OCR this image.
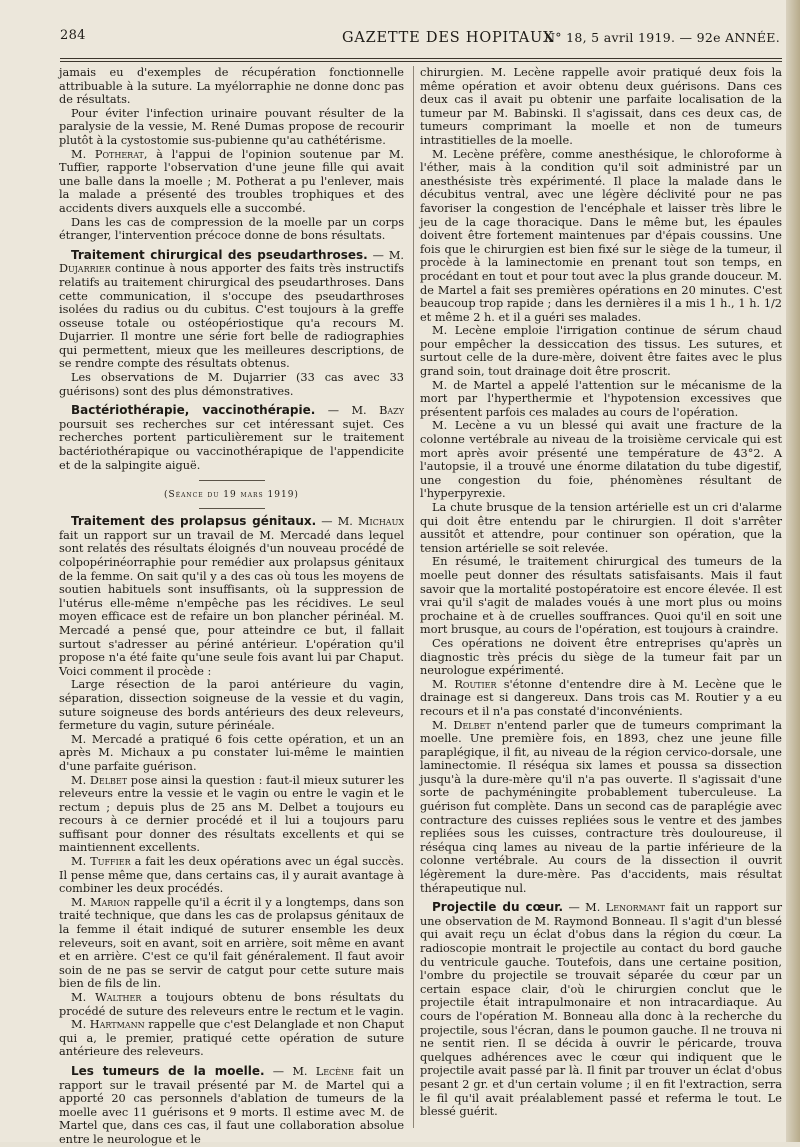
284	GAZETTE DES HOPITAUX
N° 18, 5 avril 1919. — 92e ANNÉE.

jamais eu d'exemples de récupération fonctionnelle attribuable à la suture. La myélorraphie ne donne donc pas de résultats.

Pour éviter l'infection urinaire pouvant résulter de la paralysie de la vessie, M. René Dumas propose de recourir plutôt à la cystostomie sus-pubienne qu'au cathétérisme.

M. Potherat, à l'appui de l'opinion soutenue par M. Tuffier, rapporte l'observation d'une jeune fille qui avait une balle dans la moelle ; M. Potherat a pu l'enlever, mais la malade a présenté des troubles trophiques et des accidents divers auxquels elle a succombé.

Dans les cas de compression de la moelle par un corps étranger, l'intervention précoce donne de bons résultats.

Traitement chirurgical des pseudarthroses. — M. Dujarrier continue à nous apporter des faits très instructifs relatifs au traitement chirurgical des pseudarthroses. Dans cette communication, il s'occupe des pseudarthroses isolées du radius ou du cubitus. C'est toujours à la greffe osseuse totale ou ostéopériostique qu'a recours M. Dujarrier. Il montre une série fort belle de radiographies qui permettent, mieux que les meilleures descriptions, de se rendre compte des résultats obtenus.

Les observations de M. Dujarrier (33 cas avec 33 guérisons) sont des plus démonstratives.

Bactériothérapie, vaccinothérapie. — M. Bazy poursuit ses recherches sur cet intéressant sujet. Ces recherches portent particulièrement sur le traitement bactériothérapique ou vaccinothérapique de l'appendicite et de la salpingite aiguë.

(Séance du 19 mars 1919)

Traitement des prolapsus génitaux. — M. Michaux fait un rapport sur un travail de M. Mercadé dans lequel sont relatés des résultats éloignés d'un nouveau procédé de colpopérinéorraphie pour remédier aux prolapsus génitaux de la femme. On sait qu'il y a des cas où tous les moyens de soutien habituels sont insuffisants, où la suppression de l'utérus elle-même n'empêche pas les récidives. Le seul moyen efficace est de refaire un bon plancher périnéal. M. Mercadé a pensé que, pour atteindre ce but, il fallait surtout s'adresser au périné antérieur. L'opération qu'il propose n'a été faite qu'une seule fois avant lui par Chaput. Voici comment il procède :

Large résection de la paroi antérieure du vagin, séparation, dissection soigneuse de la vessie et du vagin, suture soigneuse des bords antérieurs des deux releveurs, fermeture du vagin, suture périnéale.

M. Mercadé a pratiqué 6 fois cette opération, et un an après M. Michaux a pu constater lui-même le maintien d'une parfaite guérison.

M. Delbet pose ainsi la question : faut-il mieux suturer les releveurs entre la vessie et le vagin ou entre le vagin et le rectum ; depuis plus de 25 ans M. Delbet a toujours eu recours à ce dernier procédé et il lui a toujours paru suffisant pour donner des résultats excellents et qui se maintiennent excellents.

M. Tuffier a fait les deux opérations avec un égal succès. Il pense même que, dans certains cas, il y aurait avantage à combiner les deux procédés.

M. Marion rappelle qu'il a écrit il y a longtemps, dans son traité technique, que dans les cas de prolapsus génitaux de la femme il était indiqué de suturer ensemble les deux releveurs, soit en avant, soit en arrière, soit même en avant et en arrière. C'est ce qu'il fait généralement. Il faut avoir soin de ne pas se servir de catgut pour cette suture mais bien de fils de lin.

M. Walther a toujours obtenu de bons résultats du procédé de suture des releveurs entre le rectum et le vagin.

M. Hartmann rappelle que c'est Delanglade et non Chaput qui a, le premier, pratiqué cette opération de suture antérieure des releveurs.

Les tumeurs de la moelle. — M. Lecène fait un rapport sur le travail présenté par M. de Martel qui a apporté 20 cas personnels d'ablation de tumeurs de la moelle avec 11 guérisons et 9 morts. Il estime avec M. de Martel que, dans ces cas, il faut une collaboration absolue entre le neurologue et le

chirurgien. M. Lecène rappelle avoir pratiqué deux fois la même opération et avoir obtenu deux guérisons. Dans ces deux cas il avait pu obtenir une parfaite localisation de la tumeur par M. Babinski. Il s'agissait, dans ces deux cas, de tumeurs comprimant la moelle et non de tumeurs intrastitielles de la moelle.

M. Lecène préfère, comme anesthésique, le chloroforme à l'éther, mais à la condition qu'il soit administré par un anesthésiste très expérimenté. Il place la malade dans le décubitus ventral, avec une légère déclivité pour ne pas favoriser la congestion de l'encéphale et laisser très libre le jeu de la cage thoracique. Dans le même but, les épaules doivent être fortement maintenues par d'épais coussins. Une fois que le chirurgien est bien fixé sur le siège de la tumeur, il procède à la laminectomie en prenant tout son temps, en procédant en tout et pour tout avec la plus grande douceur. M. de Martel a fait ses premières opérations en 20 minutes. C'est beaucoup trop rapide ; dans les dernières il a mis 1 h., 1 h. 1/2 et même 2 h. et il a guéri ses malades.

M. Lecène emploie l'irrigation continue de sérum chaud pour empêcher la dessiccation des tissus. Les sutures, et surtout celle de la dure-mère, doivent être faites avec le plus grand soin, tout drainage doit être proscrit.

M. de Martel a appelé l'attention sur le mécanisme de la mort par l'hyperthermie et l'hypotension excessives que présentent parfois ces malades au cours de l'opération.

M. Lecène a vu un blessé qui avait une fracture de la colonne vertébrale au niveau de la troisième cervicale qui est mort après avoir présenté une température de 43°2. A l'autopsie, il a trouvé une énorme dilatation du tube digestif, une congestion du foie, phénomènes résultant de l'hyperpyrexie.

La chute brusque de la tension artérielle est un cri d'alarme qui doit être entendu par le chirurgien. Il doit s'arrêter aussitôt et attendre, pour continuer son opération, que la tension artérielle se soit relevée.

En résumé, le traitement chirurgical des tumeurs de la moelle peut donner des résultats satisfaisants. Mais il faut savoir que la mortalité postopératoire est encore élevée. Il est vrai qu'il s'agit de malades voués à une mort plus ou moins prochaine et à de cruelles souffrances. Quoi qu'il en soit une mort brusque, au cours de l'opération, est toujours à craindre.

Ces opérations ne doivent être entreprises qu'après un diagnostic très précis du siège de la tumeur fait par un neurologue expérimenté.

M. Routier s'étonne d'entendre dire à M. Lecène que le drainage est si dangereux. Dans trois cas M. Routier y a eu recours et il n'a pas constaté d'inconvénients.

M. Delbet n'entend parler que de tumeurs comprimant la moelle. Une première fois, en 1893, chez une jeune fille paraplégique, il fit, au niveau de la région cervico-dorsale, une laminectomie. Il réséqua six lames et poussa sa dissection jusqu'à la dure-mère qu'il n'a pas ouverte. Il s'agissait d'une sorte de pachyméningite probablement tuberculeuse. La guérison fut complète. Dans un second cas de paraplégie avec contracture des cuisses repliées sous le ventre et des jambes repliées sous les cuisses, contracture très douloureuse, il réséqua cinq lames au niveau de la partie inférieure de la colonne vertébrale. Au cours de la dissection il ouvrit légèrement la dure-mère. Pas d'accidents, mais résultat thérapeutique nul.

Projectile du cœur. — M. Lenormant fait un rapport sur une observation de M. Raymond Bonneau. Il s'agit d'un blessé qui avait reçu un éclat d'obus dans la région du cœur. La radioscopie montrait le projectile au contact du bord gauche du ventricule gauche. Toutefois, dans une certaine position, l'ombre du projectile se trouvait séparée du cœur par un certain espace clair, d'où le chirurgien conclut que le projectile était intrapulmonaire et non intracardiaque. Au cours de l'opération M. Bonneau alla donc à la recherche du projectile, sous l'écran, dans le poumon gauche. Il ne trouva ni ne sentit rien. Il se décida à ouvrir le péricarde, trouva quelques adhérences avec le cœur qui indiquent que le projectile avait passé par là. Il finit par trouver un éclat d'obus pesant 2 gr. et d'un certain volume ; il en fit l'extraction, serra le fil qu'il avait préalablement passé et referma le tout. Le blessé guérit.
